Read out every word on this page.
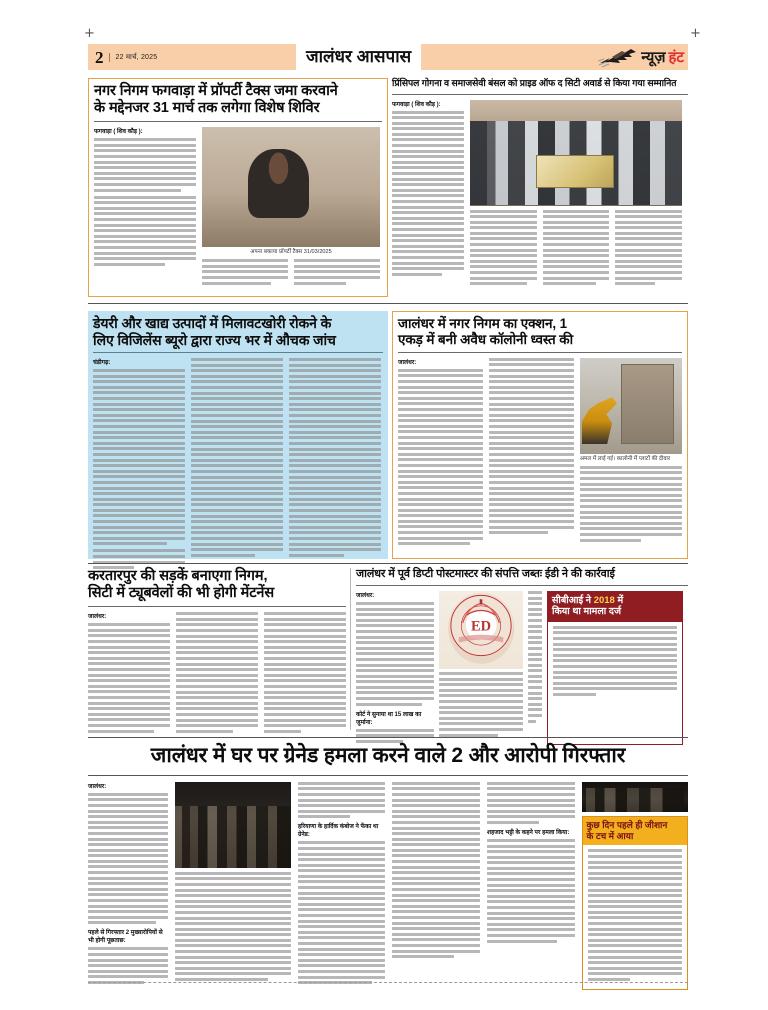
+	+
2	22 मार्च, 2025	जालंधर आसपास	न्यूज़ हंट
नगर निगम फगवाड़ा में प्रॉपर्टी टैक्स जमा करवाने
के मद्देनजर 31 मार्च तक लगेगा विशेष शिविर
फगवाड़ा ( शिव कौड़ ):
अपना बकाया प्रॉपर्टी टैक्स 31/03/2025
प्रिंसिपल गोगना व समाजसेवी बंसल को प्राइड ऑफ द सिटी अवार्ड से किया गया सम्मानित
फगवाड़ा ( शिव कौड़ ):
डेयरी और खाद्य उत्पादों में मिलावटखोरी रोकने के
लिए विजिलेंस ब्यूरो द्वारा राज्य भर में औचक जांच
चंडीगढ़:
जालंधर में नगर निगम का एक्शन, 1
एकड़ में बनी अवैध कॉलोनी ध्वस्त की
जालंधर:
अमल में लाई गई। कालोनी में प्लाटों की दीवार
करतारपुर की सड़कें बनाएगा निगम,
सिटी में ट्यूबवेलों की भी होगी मेंटनेंस
जालंधर:
जालंधर में पूर्व डिप्टी पोस्टमास्टर की संपत्ति जब्तः ईडी ने की कार्रवाई
जालंधर:
कोर्ट ने सुनाया था 15 लाख का जुर्माना:
ED
सीबीआई ने 2018 में
किया था मामला दर्ज
जालंधर में घर पर ग्रेनेड हमला करने वाले 2 और आरोपी गिरफ्तार
जालंधर:
पहले से गिरफ्तार 2 मुख्यारोपियों से भी होगी पूछताछ:
हरियाणा के हार्दिक कंबोज ने फेंका था ग्रेनेड:	शहजाद भट्टी के कहने पर हमला किया:
कुछ दिन पहले ही जीशान
के टच में आया
